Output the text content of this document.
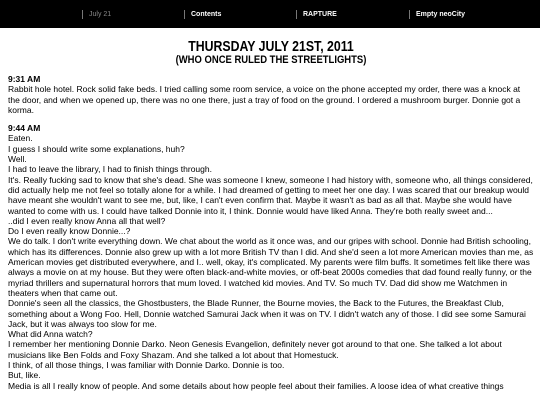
July 21	Contents	RAPTURE	Empty neoCity
THURSDAY JULY 21ST, 2011
(WHO ONCE RULED THE STREETLIGHTS)
9:31 AM
Rabbit hole hotel. Rock solid fake beds. I tried calling some room service, a voice on the phone accepted my order, there was a knock at the door, and when we opened up, there was no one there, just a tray of food on the ground. I ordered a mushroom burger. Donnie got a korma.
9:44 AM
Eaten.
I guess I should write some explanations, huh?
Well.
I had to leave the library, I had to finish things through.
It's. Really fucking sad to know that she's dead. She was someone I knew, someone I had history with, someone who, all things considered, did actually help me not feel so totally alone for a while. I had dreamed of getting to meet her one day. I was scared that our breakup would have meant she wouldn't want to see me, but, like, I can't even confirm that. Maybe it wasn't as bad as all that. Maybe she would have wanted to come with us. I could have talked Donnie into it, I think. Donnie would have liked Anna. They're both really sweet and...
..did I even really know Anna all that well?
Do I even really know Donnie...?
We do talk. I don't write everything down. We chat about the world as it once was, and our gripes with school. Donnie had British schooling, which has its differences. Donnie also grew up with a lot more British TV than I did. And she'd seen a lot more American movies than me, as American movies get distributed everywhere, and I.. well, okay, it's complicated. My parents were film buffs. It sometimes felt like there was always a movie on at my house. But they were often black-and-white movies, or off-beat 2000s comedies that dad found really funny, or the myriad thrillers and supernatural horrors that mum loved. I watched kid movies. And TV. So much TV. Dad did show me Watchmen in theaters when that came out.
Donnie's seen all the classics, the Ghostbusters, the Blade Runner, the Bourne movies, the Back to the Futures, the Breakfast Club, something about a Wong Foo. Hell, Donnie watched Samurai Jack when it was on TV. I didn't watch any of those. I did see some Samurai Jack, but it was always too slow for me.
What did Anna watch?
I remember her mentioning Donnie Darko. Neon Genesis Evangelion, definitely never got around to that one. She talked a lot about musicians like Ben Folds and Foxy Shazam. And she talked a lot about that Homestuck.
I think, of all those things, I was familiar with Donnie Darko. Donnie is too.
But, like.
Media is all I really know of people. And some details about how people feel about their families. A loose idea of what creative things
